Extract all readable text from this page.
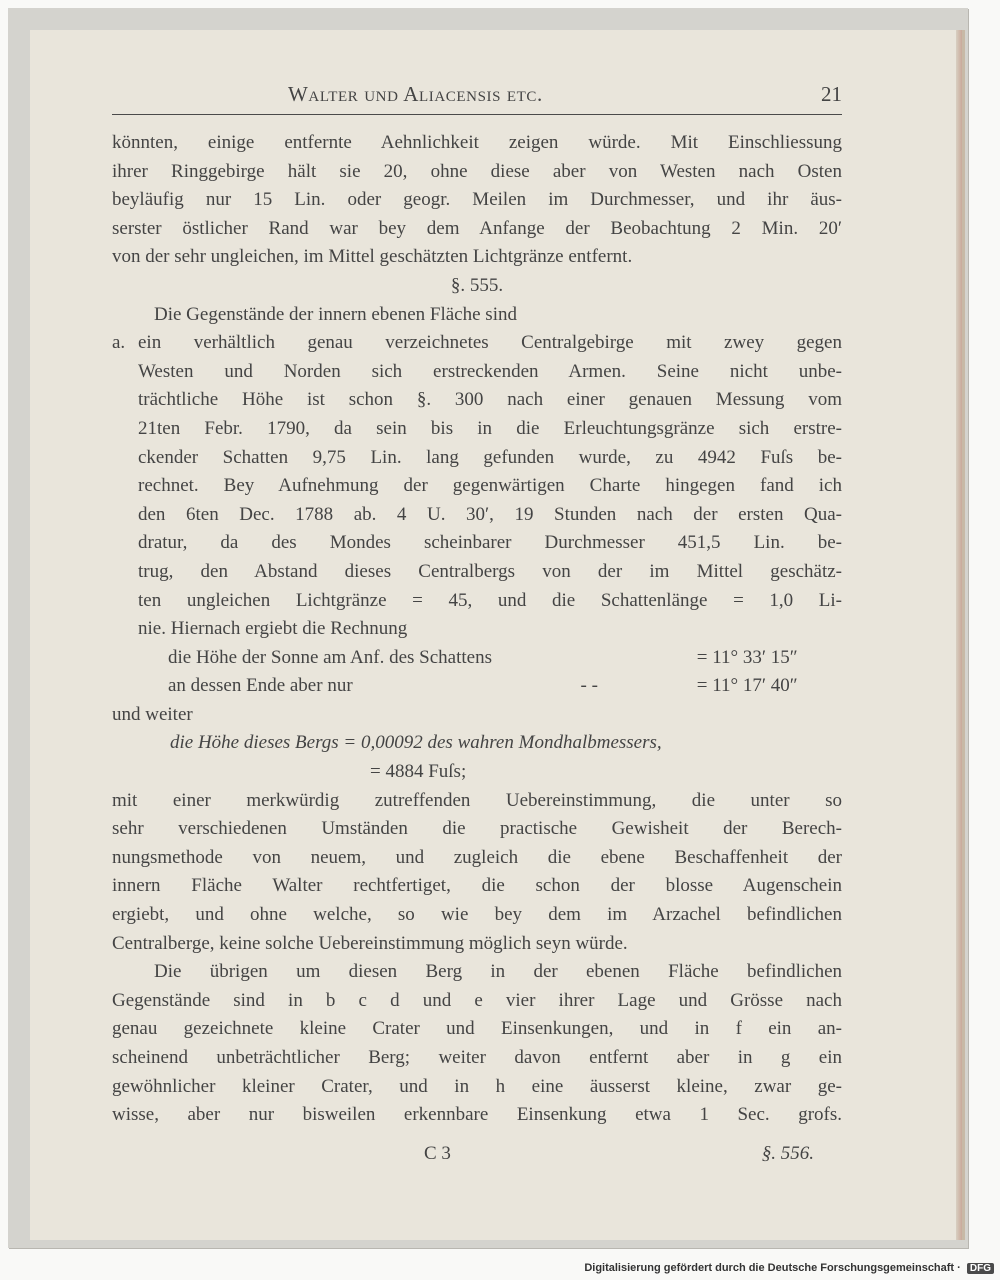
Walter und Aliacensis etc.	21
könnten, einige entfernte Aehnlichkeit zeigen würde. Mit Einschliessung
ihrer Ringgebirge hält sie 20, ohne diese aber von Westen nach Osten
beyläufig nur 15 Lin. oder geogr. Meilen im Durchmesser, und ihr äus-
serster östlicher Rand war bey dem Anfange der Beobachtung 2 Min. 20′
von der sehr ungleichen, im Mittel geschätzten Lichtgränze entfernt.
§. 555.
Die Gegenstände der innern ebenen Fläche sind
a. ein verhältlich genau verzeichnetes Centralgebirge mit zwey gegen
Westen und Norden sich erstreckenden Armen. Seine nicht unbe-
trächtliche Höhe ist schon §. 300 nach einer genauen Messung vom
21ten Febr. 1790, da sein bis in die Erleuchtungsgränze sich erstre-
ckender Schatten 9,75 Lin. lang gefunden wurde, zu 4942 Fuſs be-
rechnet. Bey Aufnehmung der gegenwärtigen Charte hingegen fand ich
den 6ten Dec. 1788 ab. 4 U. 30′, 19 Stunden nach der ersten Qua-
dratur, da des Mondes scheinbarer Durchmesser 451,5 Lin. be-
trug, den Abstand dieses Centralbergs von der im Mittel geschätz-
ten ungleichen Lichtgränze = 45, und die Schattenlänge = 1,0 Li-
nie. Hiernach ergiebt die Rechnung
die Höhe der Sonne am Anf. des Schattens	= 11° 33′ 15″
an dessen Ende aber nur	- -	= 11° 17′ 40″
und weiter
die Höhe dieses Bergs = 0,00092 des wahren Mondhalbmessers,
= 4884 Fuſs;
mit einer merkwürdig zutreffenden Uebereinstimmung, die unter so
sehr verschiedenen Umständen die practische Gewisheit der Berech-
nungsmethode von neuem, und zugleich die ebene Beschaffenheit der
innern Fläche Walter rechtfertiget, die schon der blosse Augenschein
ergiebt, und ohne welche, so wie bey dem im Arzachel befindlichen
Centralberge, keine solche Uebereinstimmung möglich seyn würde.
Die übrigen um diesen Berg in der ebenen Fläche befindlichen
Gegenstände sind in b c d und e vier ihrer Lage und Grösse nach
genau gezeichnete kleine Crater und Einsenkungen, und in f ein an-
scheinend unbeträchtlicher Berg; weiter davon entfernt aber in g ein
gewöhnlicher kleiner Crater, und in h eine äusserst kleine, zwar ge-
wisse, aber nur bisweilen erkennbare Einsenkung etwa 1 Sec. grofs.
C 3	§. 556.
Digitalisierung gefördert durch die Deutsche Forschungsgemeinschaft · DFG
